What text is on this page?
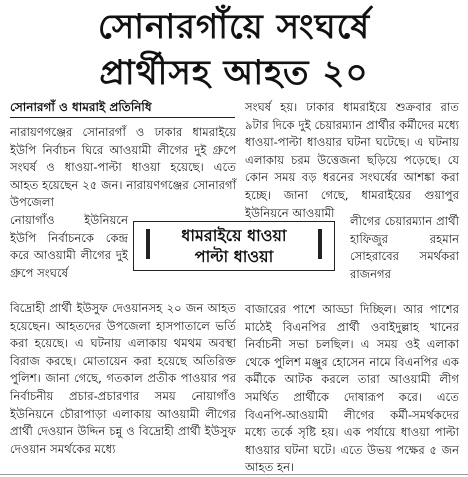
সোনারগাঁয়ে সংঘর্ষে
প্রার্থীসহ আহত ২০
সোনারগাঁ ও ধামরাই প্রতিনিধি

নারায়ণগঞ্জের সোনারগাঁ ও ঢাকার ধামরাইয়ে ইউপি নির্বাচন ঘিরে আওয়ামী লীগের দুই গ্রুপে সংঘর্ষ ও ধাওয়া-পাল্টা ধাওয়া হয়েছে। এতে আহত হয়েছেন ২৫ জন। নারায়ণগঞ্জের সোনারগাঁ উপজেলা

নোয়াগাঁও ইউনিয়নে ইউপি নির্বাচনকে কেন্দ্র করে আওয়ামী লীগের দুই গ্রুপে সংঘর্ষে

বিদ্রোহী প্রার্থী ইউসুফ দেওয়ানসহ ২০ জন আহত হয়েছেন। আহতদের উপজেলা হাসপাতালে ভর্তি করা হয়েছে। এ ঘটনায় এলাকায় থমথম অবস্থা বিরাজ করছে। মোতায়েন করা হয়েছে অতিরিক্ত পুলিশ। জানা গেছে, গতকাল প্রতীক পাওয়ার পর নির্বাচনীয় প্রচার-প্রচারণার সময় নোয়াগাঁও ইউনিয়নে চৌরাপাড়া এলাকায় আওয়ামী লীগের প্রার্থী দেওয়ান উদ্দিন চন্নু ও বিদ্রোহী প্রার্থী ইউসুফ দেওয়ান সমর্থকের মধ্যে

সংঘর্ষ হয়। ঢাকার ধামরাইয়ে শুক্রবার রাত ৯টার দিকে দুই চেয়ারম্যান প্রার্থীর কর্মীদের মধ্যে ধাওয়া-পাল্টা ধাওয়ার ঘটনা ঘটেছে। এ ঘটনায় এলাকায় চরম উত্তেজনা ছড়িয়ে পড়েছে। যে কোন সময় বড় ধরনের সংঘর্ষের আশঙ্কা করা হচ্ছে। জানা গেছে, ধামরাইয়ের গুয়াপুর ইউনিয়নে আওয়ামী

লীগের চেয়ারম্যান প্রার্থী হাফিজুর রহমান সোহরাবের সমর্থকরা রাজনগর

বাজারের পাশে আড্ডা দিচ্ছিল। আর পাশের মাঠেই বিএনপির প্রার্থী ওবাইদুল্লাহ খানের নির্বাচনী সভা চলছিল। এ সময় ওই এলাকা থেকে পুলিশ মঞ্জুর হোসেন নামে বিএনপির এক কর্মীকে আটক করলে তারা আওয়ামী লীগ সমর্থিত প্রার্থীকে দোষারূপ করে। এতে বিএনপি-আওয়ামী লীগের কর্মী-সমর্থকদের মধ্যে তর্কে সৃষ্টি হয়। এক পর্যায়ে ধাওয়া পাল্টা ধাওয়ার ঘটনা ঘটে। এতে উভয় পক্ষের ৫ জন আহত হন।

ধামরাইয়ে ধাওয়া
পাল্টা ধাওয়া
